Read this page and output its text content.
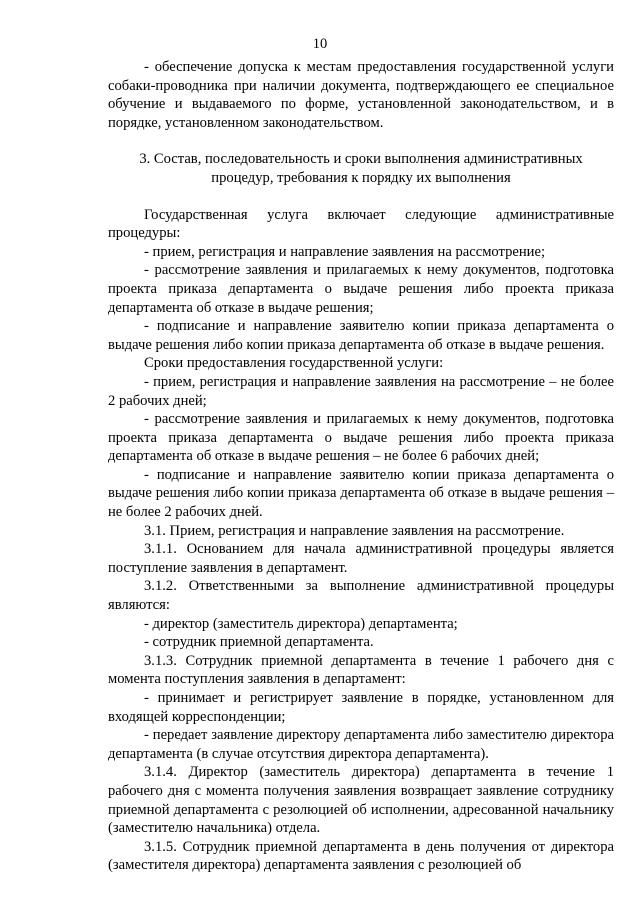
10

- обеспечение допуска к местам предоставления государственной услуги собаки-проводника при наличии документа, подтверждающего ее специальное обучение и выдаваемого по форме, установленной законодательством, и в порядке, установленном законодательством.

3. Состав, последовательность и сроки выполнения административных процедур, требования к порядку их выполнения

Государственная услуга включает следующие административные процедуры:

- прием, регистрация и направление заявления на рассмотрение;

- рассмотрение заявления и прилагаемых к нему документов, подготовка проекта приказа департамента о выдаче решения либо проекта приказа департамента об отказе в выдаче решения;

- подписание и направление заявителю копии приказа департамента о выдаче решения либо копии приказа департамента об отказе в выдаче решения.

Сроки предоставления государственной услуги:

- прием, регистрация и направление заявления на рассмотрение – не более 2 рабочих дней;

- рассмотрение заявления и прилагаемых к нему документов, подготовка проекта приказа департамента о выдаче решения либо проекта приказа департамента об отказе в выдаче решения – не более 6 рабочих дней;

- подписание и направление заявителю копии приказа департамента о выдаче решения либо копии приказа департамента об отказе в выдаче решения – не более 2 рабочих дней.

3.1. Прием, регистрация и направление заявления на рассмотрение.

3.1.1. Основанием для начала административной процедуры является поступление заявления в департамент.

3.1.2. Ответственными за выполнение административной процедуры являются:

- директор (заместитель директора) департамента;

- сотрудник приемной департамента.

3.1.3. Сотрудник приемной департамента в течение 1 рабочего дня с момента поступления заявления в департамент:

- принимает и регистрирует заявление в порядке, установленном для входящей корреспонденции;

- передает заявление директору департамента либо заместителю директора департамента (в случае отсутствия директора департамента).

3.1.4. Директор (заместитель директора) департамента в течение 1 рабочего дня с момента получения заявления возвращает заявление сотруднику приемной департамента с резолюцией об исполнении, адресованной начальнику (заместителю начальника) отдела.

3.1.5. Сотрудник приемной департамента в день получения от директора (заместителя директора) департамента заявления с резолюцией об
